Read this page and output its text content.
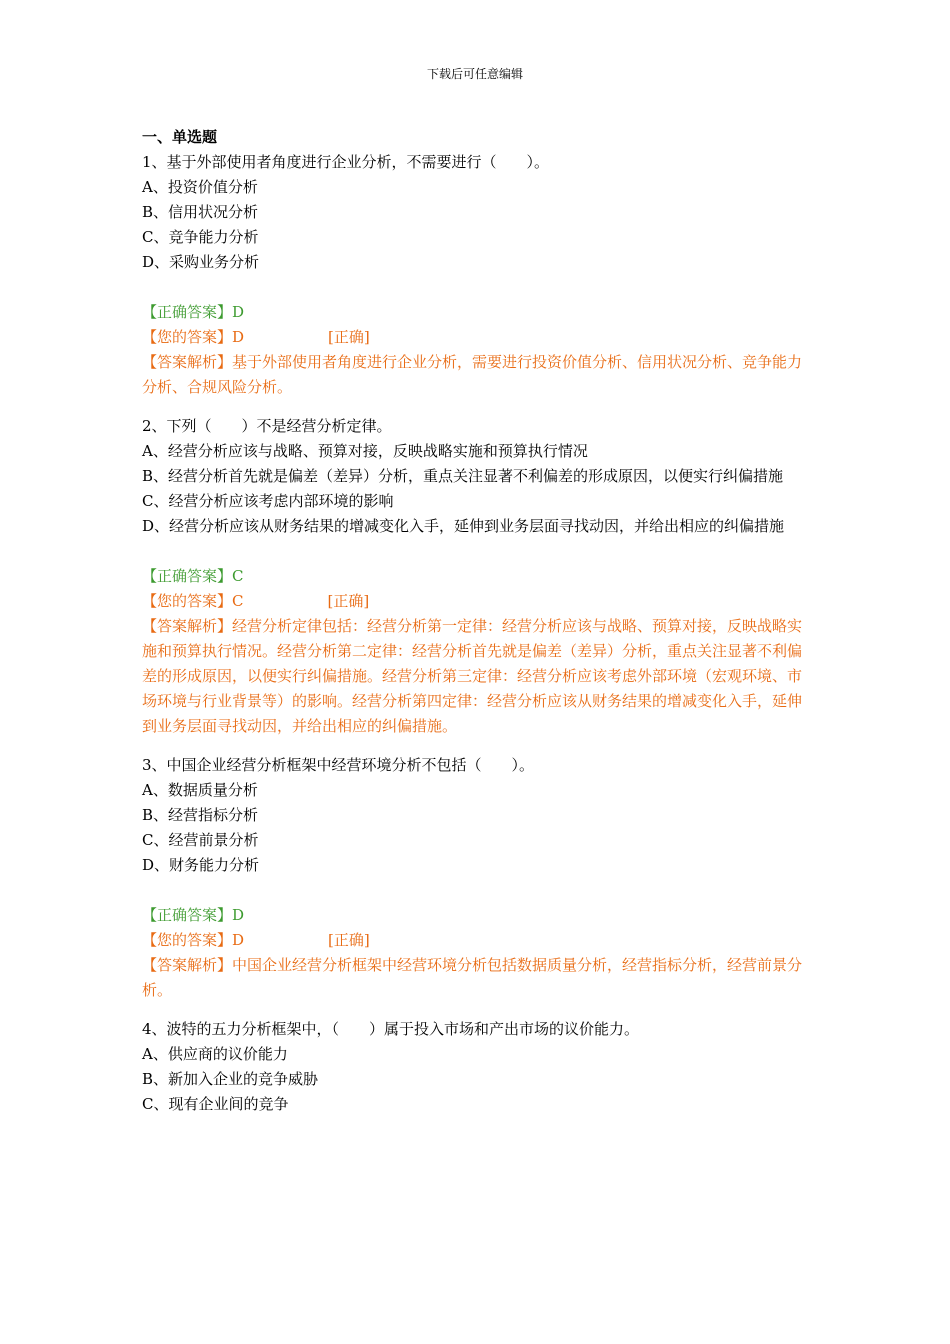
下载后可任意编辑
一、单选题

1、基于外部使用者角度进行企业分析，不需要进行（　　）。

A、投资价值分析

B、信用状况分析

C、竞争能力分析

D、采购业务分析

【正确答案】D

【您的答案】D	[正确]

【答案解析】基于外部使用者角度进行企业分析，需要进行投资价值分析、信用状况分析、竞争能力分析、合规风险分析。

2、下列（　　）不是经营分析定律。

A、经营分析应该与战略、预算对接，反映战略实施和预算执行情况

B、经营分析首先就是偏差（差异）分析，重点关注显著不利偏差的形成原因，以便实行纠偏措施

C、经营分析应该考虑内部环境的影响

D、经营分析应该从财务结果的增减变化入手，延伸到业务层面寻找动因，并给出相应的纠偏措施

【正确答案】C

【您的答案】C	[正确]

【答案解析】经营分析定律包括：经营分析第一定律：经营分析应该与战略、预算对接，反映战略实施和预算执行情况。经营分析第二定律：经营分析首先就是偏差（差异）分析，重点关注显著不利偏差的形成原因，以便实行纠偏措施。经营分析第三定律：经营分析应该考虑外部环境（宏观环境、市场环境与行业背景等）的影响。经营分析第四定律：经营分析应该从财务结果的增减变化入手，延伸到业务层面寻找动因，并给出相应的纠偏措施。

3、中国企业经营分析框架中经营环境分析不包括（　　）。

A、数据质量分析

B、经营指标分析

C、经营前景分析

D、财务能力分析

【正确答案】D

【您的答案】D	[正确]

【答案解析】中国企业经营分析框架中经营环境分析包括数据质量分析，经营指标分析，经营前景分析。

4、波特的五力分析框架中，（　　）属于投入市场和产出市场的议价能力。

A、供应商的议价能力

B、新加入企业的竞争威胁

C、现有企业间的竞争
